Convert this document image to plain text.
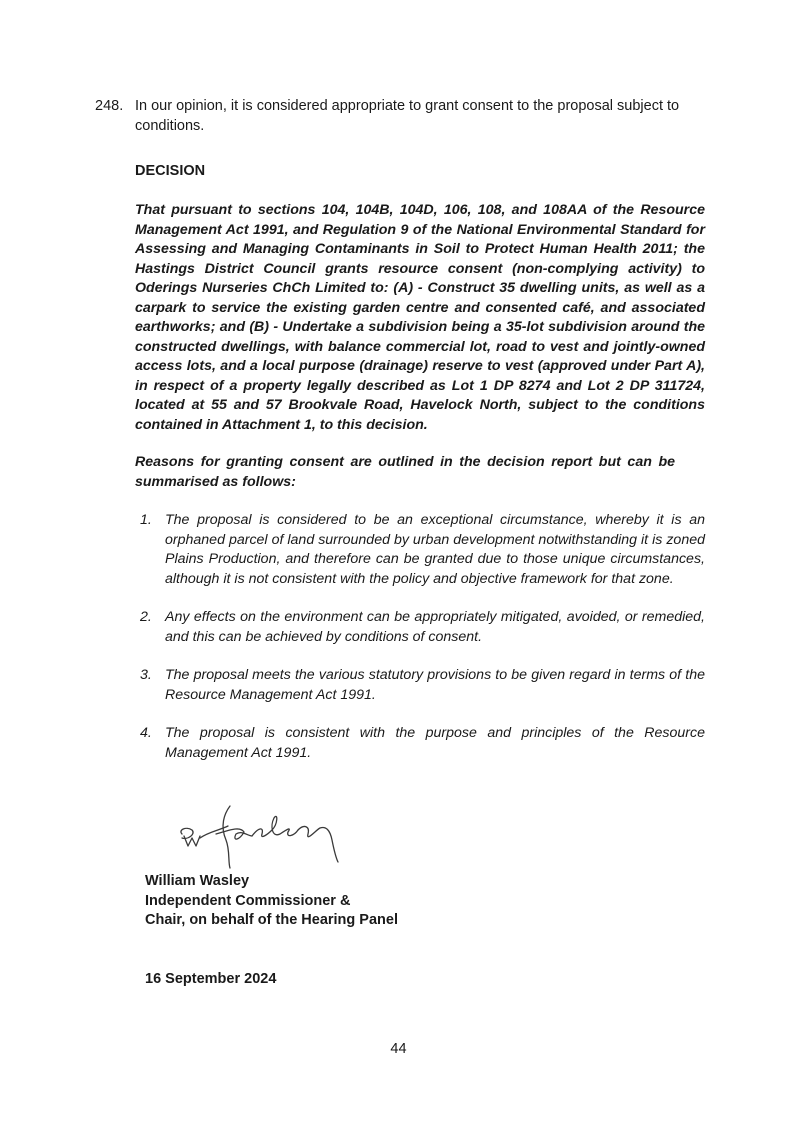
248. In our opinion, it is considered appropriate to grant consent to the proposal subject to conditions.
DECISION
That pursuant to sections 104, 104B, 104D, 106, 108, and 108AA of the Resource Management Act 1991, and Regulation 9 of the National Environmental Standard for Assessing and Managing Contaminants in Soil to Protect Human Health 2011; the Hastings District Council grants resource consent (non-complying activity) to Oderings Nurseries ChCh Limited to: (A) - Construct 35 dwelling units, as well as a carpark to service the existing garden centre and consented café, and associated earthworks; and (B) - Undertake a subdivision being a 35-lot subdivision around the constructed dwellings, with balance commercial lot, road to vest and jointly-owned access lots, and a local purpose (drainage) reserve to vest (approved under Part A), in respect of a property legally described as Lot 1 DP 8274 and Lot 2 DP 311724, located at 55 and 57 Brookvale Road, Havelock North, subject to the conditions contained in Attachment 1, to this decision.
Reasons for granting consent are outlined in the decision report but can be summarised as follows:
1. The proposal is considered to be an exceptional circumstance, whereby it is an orphaned parcel of land surrounded by urban development notwithstanding it is zoned Plains Production, and therefore can be granted due to those unique circumstances, although it is not consistent with the policy and objective framework for that zone.
2. Any effects on the environment can be appropriately mitigated, avoided, or remedied, and this can be achieved by conditions of consent.
3. The proposal meets the various statutory provisions to be given regard in terms of the Resource Management Act 1991.
4. The proposal is consistent with the purpose and principles of the Resource Management Act 1991.
William Wasley
Independent Commissioner &
Chair, on behalf of the Hearing Panel
16 September 2024
44
